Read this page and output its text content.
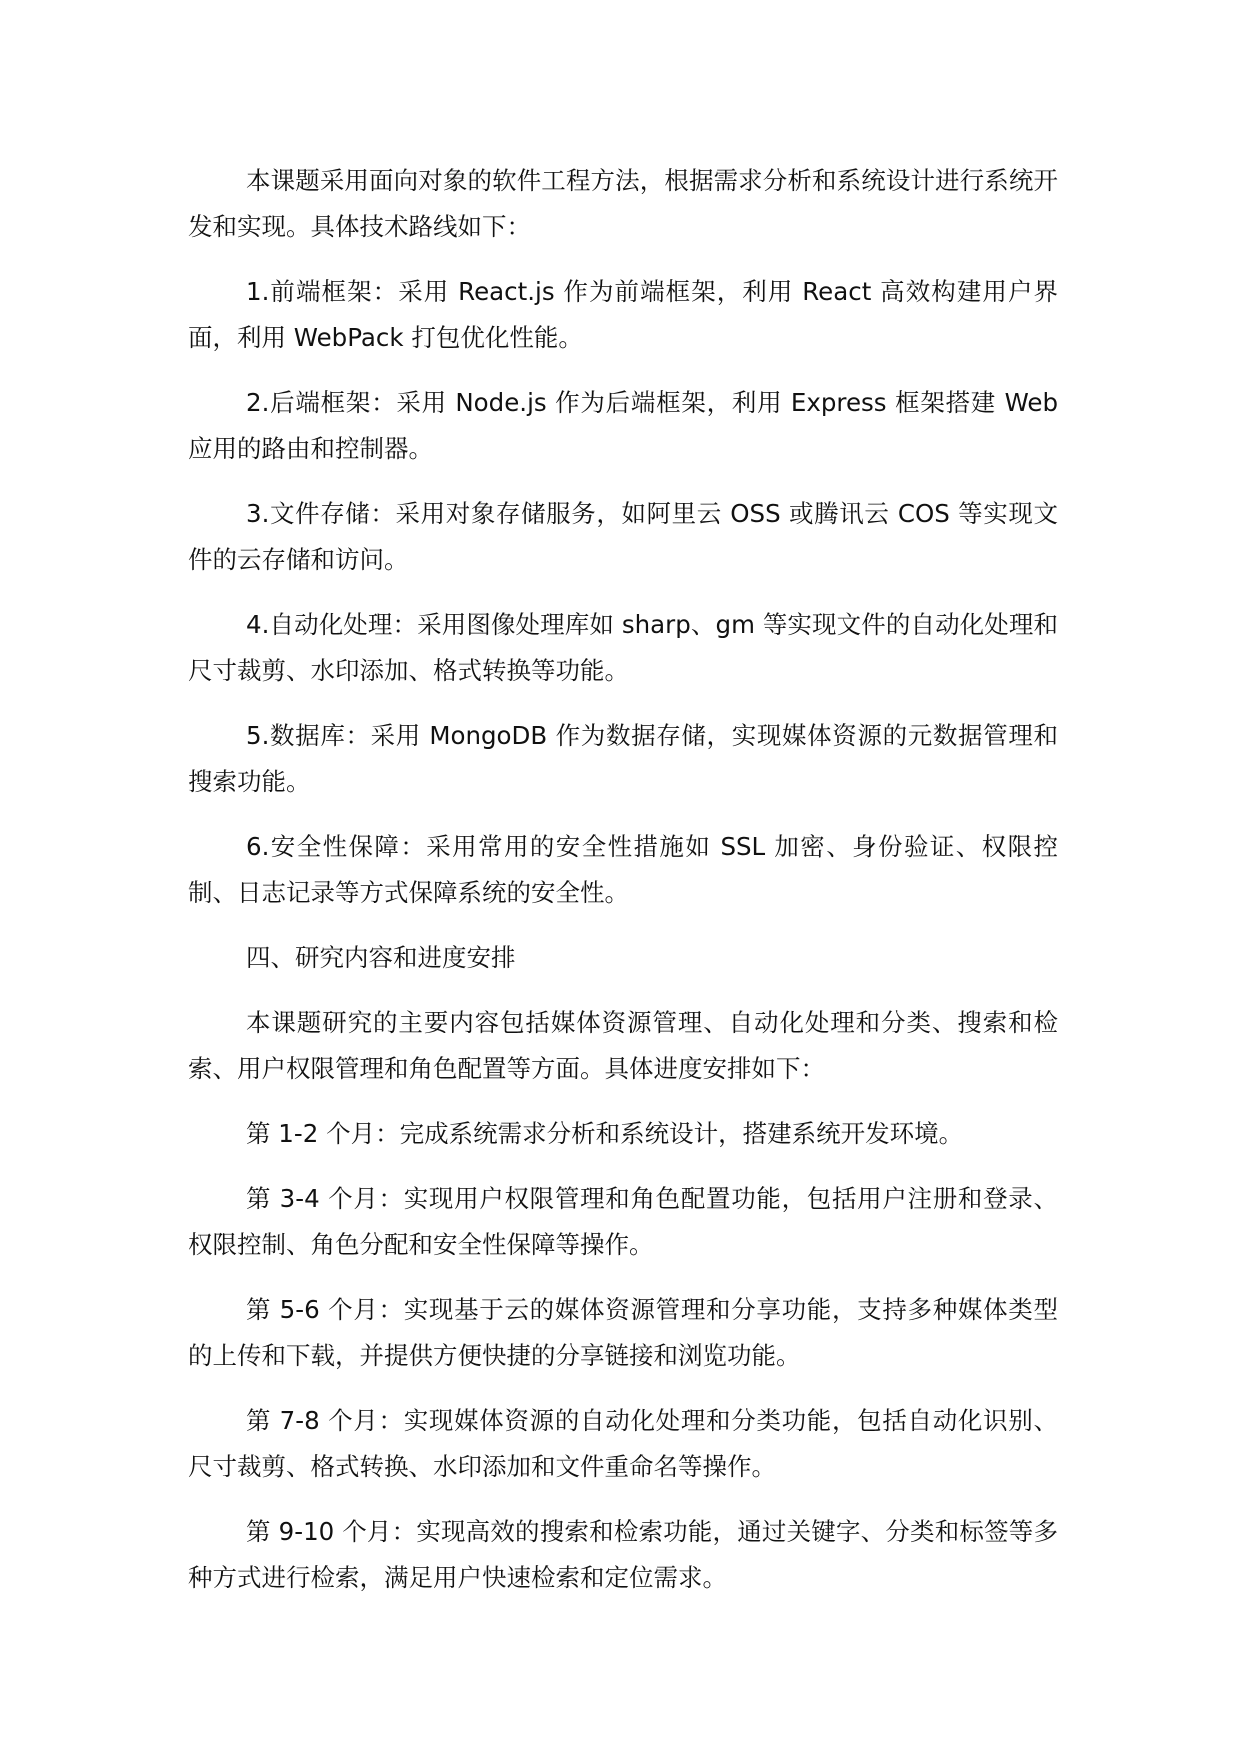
本课题采用面向对象的软件工程方法，根据需求分析和系统设计进行系统开发和实现。具体技术路线如下：

1.前端框架：采用 React.js 作为前端框架，利用 React 高效构建用户界面，利用 WebPack 打包优化性能。

2.后端框架：采用 Node.js 作为后端框架，利用 Express 框架搭建 Web 应用的路由和控制器。

3.文件存储：采用对象存储服务，如阿里云 OSS 或腾讯云 COS 等实现文件的云存储和访问。

4.自动化处理：采用图像处理库如 sharp、gm 等实现文件的自动化处理和尺寸裁剪、水印添加、格式转换等功能。

5.数据库：采用 MongoDB 作为数据存储，实现媒体资源的元数据管理和搜索功能。

6.安全性保障：采用常用的安全性措施如 SSL 加密、身份验证、权限控制、日志记录等方式保障系统的安全性。

四、研究内容和进度安排

本课题研究的主要内容包括媒体资源管理、自动化处理和分类、搜索和检索、用户权限管理和角色配置等方面。具体进度安排如下：

第 1-2 个月：完成系统需求分析和系统设计，搭建系统开发环境。

第 3-4 个月：实现用户权限管理和角色配置功能，包括用户注册和登录、权限控制、角色分配和安全性保障等操作。

第 5-6 个月：实现基于云的媒体资源管理和分享功能，支持多种媒体类型的上传和下载，并提供方便快捷的分享链接和浏览功能。

第 7-8 个月：实现媒体资源的自动化处理和分类功能，包括自动化识别、尺寸裁剪、格式转换、水印添加和文件重命名等操作。

第 9-10 个月：实现高效的搜索和检索功能，通过关键字、分类和标签等多种方式进行检索，满足用户快速检索和定位需求。
